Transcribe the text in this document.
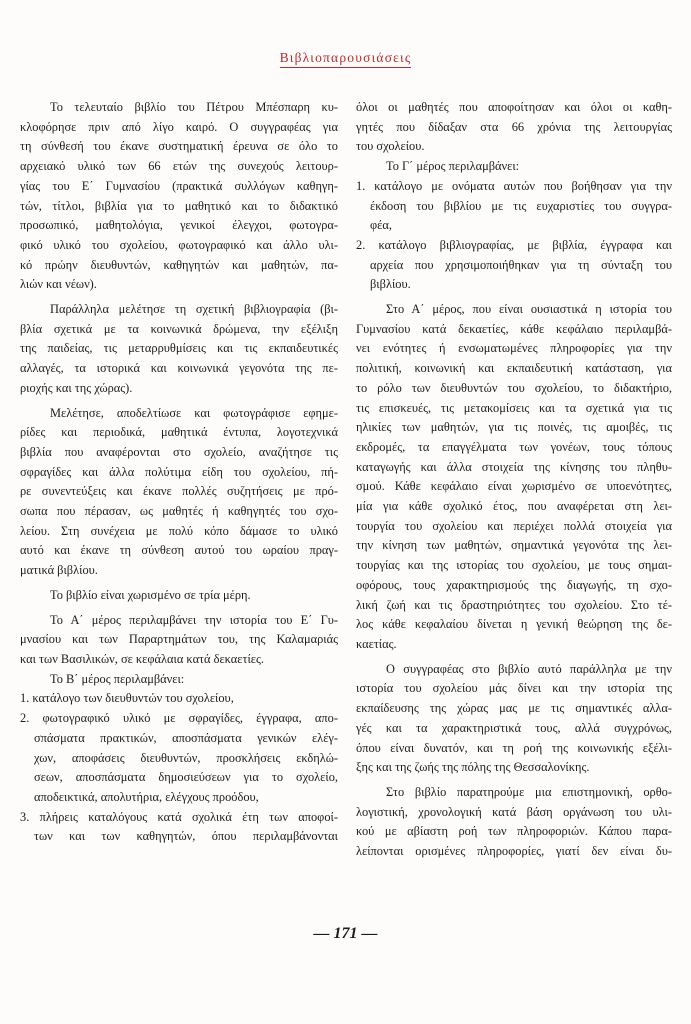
Βιβλιοπαρουσιάσεις
Το τελευταίο βιβλίο του Πέτρου Μπέσπαρη κυ-
κλοφόρησε πριν από λίγο καιρό. Ο συγγραφέας για
τη σύνθεσή του έκανε συστηματική έρευνα σε όλο το
αρχειακό υλικό των 66 ετών της συνεχούς λειτουρ-
γίας του Ε΄ Γυμνασίου (πρακτικά συλλόγων καθηγη-
τών, τίτλοι, βιβλία για το μαθητικό και το διδακτικό
προσωπικό, μαθητολόγια, γενικοί έλεγχοι, φωτογρα-
φικό υλικό του σχολείου, φωτογραφικό και άλλο υλι-
κό πρώην διευθυντών, καθηγητών και μαθητών, πα-
λιών και νέων).
Παράλληλα μελέτησε τη σχετική βιβλιογραφία (βι-
βλία σχετικά με τα κοινωνικά δρώμενα, την εξέλιξη
της παιδείας, τις μεταρρυθμίσεις και τις εκπαιδευτικές
αλλαγές, τα ιστορικά και κοινωνικά γεγονότα της πε-
ριοχής και της χώρας).
Μελέτησε, αποδελτίωσε και φωτογράφισε εφημε-
ρίδες και περιοδικά, μαθητικά έντυπα, λογοτεχνικά
βιβλία που αναφέρονται στο σχολείο, αναζήτησε τις
σφραγίδες και άλλα πολύτιμα είδη του σχολείου, πή-
ρε συνεντεύξεις και έκανε πολλές συζητήσεις με πρό-
σωπα που πέρασαν, ως μαθητές ή καθηγητές του σχο-
λείου. Στη συνέχεια με πολύ κόπο δάμασε το υλικό
αυτό και έκανε τη σύνθεση αυτού του ωραίου πραγ-
ματικά βιβλίου.
Το βιβλίο είναι χωρισμένο σε τρία μέρη.
Το Α΄ μέρος περιλαμβάνει την ιστορία του Ε΄ Γυ-
μνασίου και των Παραρτημάτων του, της Καλαμαριάς
και των Βασιλικών, σε κεφάλαια κατά δεκαετίες.
Το Β΄ μέρος περιλαμβάνει:
1. κατάλογο των διευθυντών του σχολείου,
2. φωτογραφικό υλικό με σφραγίδες, έγγραφα, απο-
σπάσματα πρακτικών, αποσπάσματα γενικών ελέγ-
χων, αποφάσεις διευθυντών, προσκλήσεις εκδηλώ-
σεων, αποσπάσματα δημοσιεύσεων για το σχολείο,
αποδεικτικά, απολυτήρια, ελέγχους προόδου,
3. πλήρεις καταλόγους κατά σχολικά έτη των αποφοί-
των και των καθηγητών, όπου περιλαμβάνονται
όλοι οι μαθητές που αποφοίτησαν και όλοι οι καθη-
γητές που δίδαξαν στα 66 χρόνια της λειτουργίας
του σχολείου.
Το Γ΄ μέρος περιλαμβάνει:
1. κατάλογο με ονόματα αυτών που βοήθησαν για την
έκδοση του βιβλίου με τις ευχαριστίες του συγγρα-
φέα,
2. κατάλογο βιβλιογραφίας, με βιβλία, έγγραφα και
αρχεία που χρησιμοποιήθηκαν για τη σύνταξη του
βιβλίου.
Στο Α΄ μέρος, που είναι ουσιαστικά η ιστορία του
Γυμνασίου κατά δεκαετίες, κάθε κεφάλαιο περιλαμβά-
νει ενότητες ή ενσωματωμένες πληροφορίες για την
πολιτική, κοινωνική και εκπαιδευτική κατάσταση, για
το ρόλο των διευθυντών του σχολείου, το διδακτήριο,
τις επισκευές, τις μετακομίσεις και τα σχετικά για τις
ηλικίες των μαθητών, για τις ποινές, τις αμοιβές, τις
εκδρομές, τα επαγγέλματα των γονέων, τους τόπους
καταγωγής και άλλα στοιχεία της κίνησης του πληθυ-
σμού. Κάθε κεφάλαιο είναι χωρισμένο σε υποενότητες,
μία για κάθε σχολικό έτος, που αναφέρεται στη λει-
τουργία του σχολείου και περιέχει πολλά στοιχεία για
την κίνηση των μαθητών, σημαντικά γεγονότα της λει-
τουργίας και της ιστορίας του σχολείου, με τους σημαι-
οφόρους, τους χαρακτηρισμούς της διαγωγής, τη σχο-
λική ζωή και τις δραστηριότητες του σχολείου. Στο τέ-
λος κάθε κεφαλαίου δίνεται η γενική θεώρηση της δε-
καετίας.
Ο συγγραφέας στο βιβλίο αυτό παράλληλα με την
ιστορία του σχολείου μάς δίνει και την ιστορία της
εκπαίδευσης της χώρας μας με τις σημαντικές αλλα-
γές και τα χαρακτηριστικά τους, αλλά συγχρόνως,
όπου είναι δυνατόν, και τη ροή της κοινωνικής εξέλι-
ξης και της ζωής της πόλης της Θεσσαλονίκης.
Στο βιβλίο παρατηρούμε μια επιστημονική, ορθο-
λογιστική, χρονολογική κατά βάση οργάνωση του υλι-
κού με αβίαστη ροή των πληροφοριών. Κάπου παρα-
λείπονται ορισμένες πληροφορίες, γιατί δεν είναι δυ-
— 171 —
